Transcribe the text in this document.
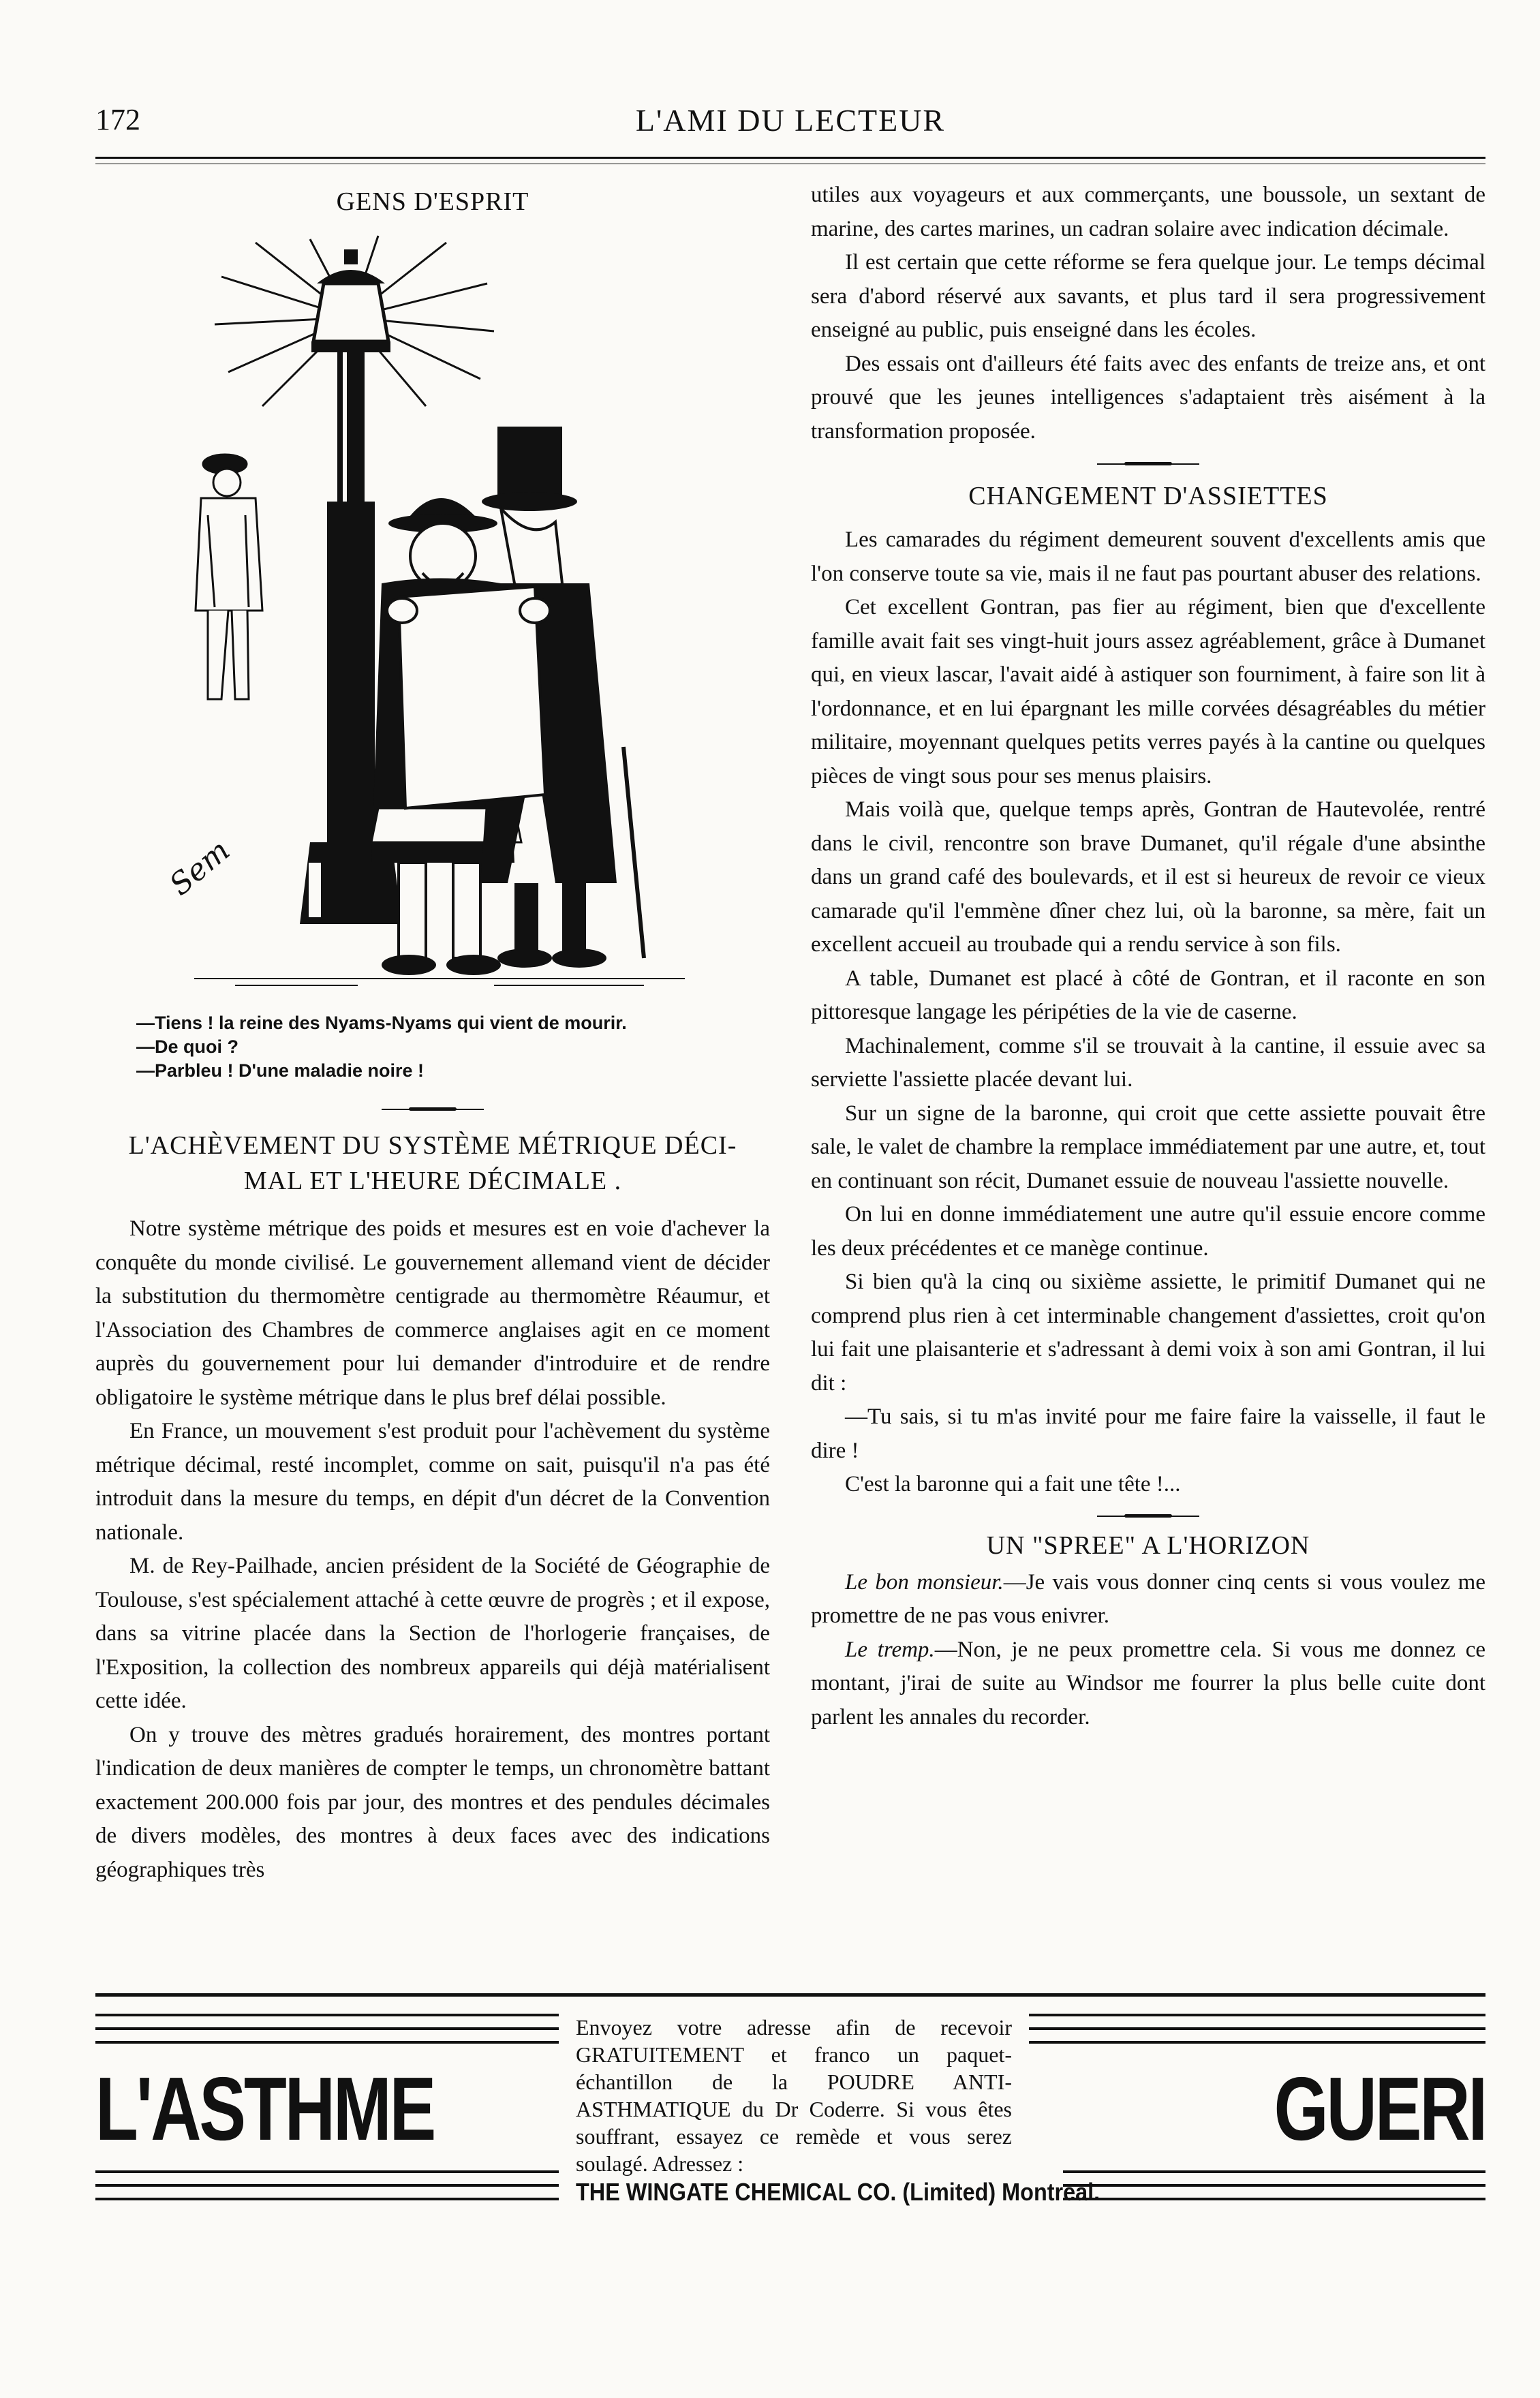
172	L'AMI DU LECTEUR
GENS D'ESPRIT
Sem
—Tiens ! la reine des Nyams-Nyams qui vient de mourir.
—De quoi ?
—Parbleu ! D'une maladie noire !
L'ACHÈVEMENT DU SYSTÈME MÉTRIQUE DÉCI-
MAL ET L'HEURE DÉCIMALE .

Notre système métrique des poids et mesures est en voie d'achever la conquête du monde civilisé. Le gouvernement allemand vient de décider la substitution du thermomètre centigrade au thermomètre Réaumur, et l'Association des Chambres de commerce anglaises agit en ce moment auprès du gouvernement pour lui demander d'introduire et de rendre obligatoire le système métrique dans le plus bref délai possible.

En France, un mouvement s'est produit pour l'achèvement du système métrique décimal, resté incomplet, comme on sait, puisqu'il n'a pas été introduit dans la mesure du temps, en dépit d'un décret de la Convention nationale.

M. de Rey-Pailhade, ancien président de la Société de Géographie de Toulouse, s'est spécialement attaché à cette œuvre de progrès ; et il expose, dans sa vitrine placée dans la Section de l'horlogerie françaises, de l'Exposition, la collection des nombreux appareils qui déjà matérialisent cette idée.

On y trouve des mètres gradués horairement, des montres portant l'indication de deux manières de compter le temps, un chronomètre battant exactement 200.000 fois par jour, des montres et des pendules décimales de divers modèles, des montres à deux faces avec des indications géographiques très

utiles aux voyageurs et aux commerçants, une boussole, un sextant de marine, des cartes marines, un cadran solaire avec indication décimale.

Il est certain que cette réforme se fera quelque jour. Le temps décimal sera d'abord réservé aux savants, et plus tard il sera progressivement enseigné au public, puis enseigné dans les écoles.

Des essais ont d'ailleurs été faits avec des enfants de treize ans, et ont prouvé que les jeunes intelligences s'adaptaient très aisément à la transformation proposée.

CHANGEMENT D'ASSIETTES

Les camarades du régiment demeurent souvent d'excellents amis que l'on conserve toute sa vie, mais il ne faut pas pourtant abuser des relations.

Cet excellent Gontran, pas fier au régiment, bien que d'excellente famille avait fait ses vingt-huit jours assez agréablement, grâce à Dumanet qui, en vieux lascar, l'avait aidé à astiquer son fourniment, à faire son lit à l'ordonnance, et en lui épargnant les mille corvées désagréables du métier militaire, moyennant quelques petits verres payés à la cantine ou quelques pièces de vingt sous pour ses menus plaisirs.

Mais voilà que, quelque temps après, Gontran de Hautevolée, rentré dans le civil, rencontre son brave Dumanet, qu'il régale d'une absinthe dans un grand café des boulevards, et il est si heureux de revoir ce vieux camarade qu'il l'emmène dîner chez lui, où la baronne, sa mère, fait un excellent accueil au troubade qui a rendu service à son fils.

A table, Dumanet est placé à côté de Gontran, et il raconte en son pittoresque langage les péripéties de la vie de caserne.

Machinalement, comme s'il se trouvait à la cantine, il essuie avec sa serviette l'assiette placée devant lui.

Sur un signe de la baronne, qui croit que cette assiette pouvait être sale, le valet de chambre la remplace immédiatement par une autre, et, tout en continuant son récit, Dumanet essuie de nouveau l'assiette nouvelle.

On lui en donne immédiatement une autre qu'il essuie encore comme les deux précédentes et ce manège continue.

Si bien qu'à la cinq ou sixième assiette, le primitif Dumanet qui ne comprend plus rien à cet interminable changement d'assiettes, croit qu'on lui fait une plaisanterie et s'adressant à demi voix à son ami Gontran, il lui dit :

—Tu sais, si tu m'as invité pour me faire faire la vaisselle, il faut le dire !

C'est la baronne qui a fait une tête !...

UN "SPREE" A L'HORIZON

Le bon monsieur.—Je vais vous donner cinq cents si vous voulez me promettre de ne pas vous enivrer.

Le tremp.—Non, je ne peux promettre cela. Si vous me donnez ce montant, j'irai de suite au Windsor me fourrer la plus belle cuite dont parlent les annales du recorder.

L'ASTHME	GUERI
Envoyez votre adresse afin de recevoir GRATUITEMENT et franco un paquet-échantillon de la POUDRE ANTI-ASTHMATIQUE du Dr Coderre. Si vous êtes souffrant, essayez ce remède et vous serez soulagé. Adressez :
THE WINGATE CHEMICAL CO. (Limited) Montreal.
